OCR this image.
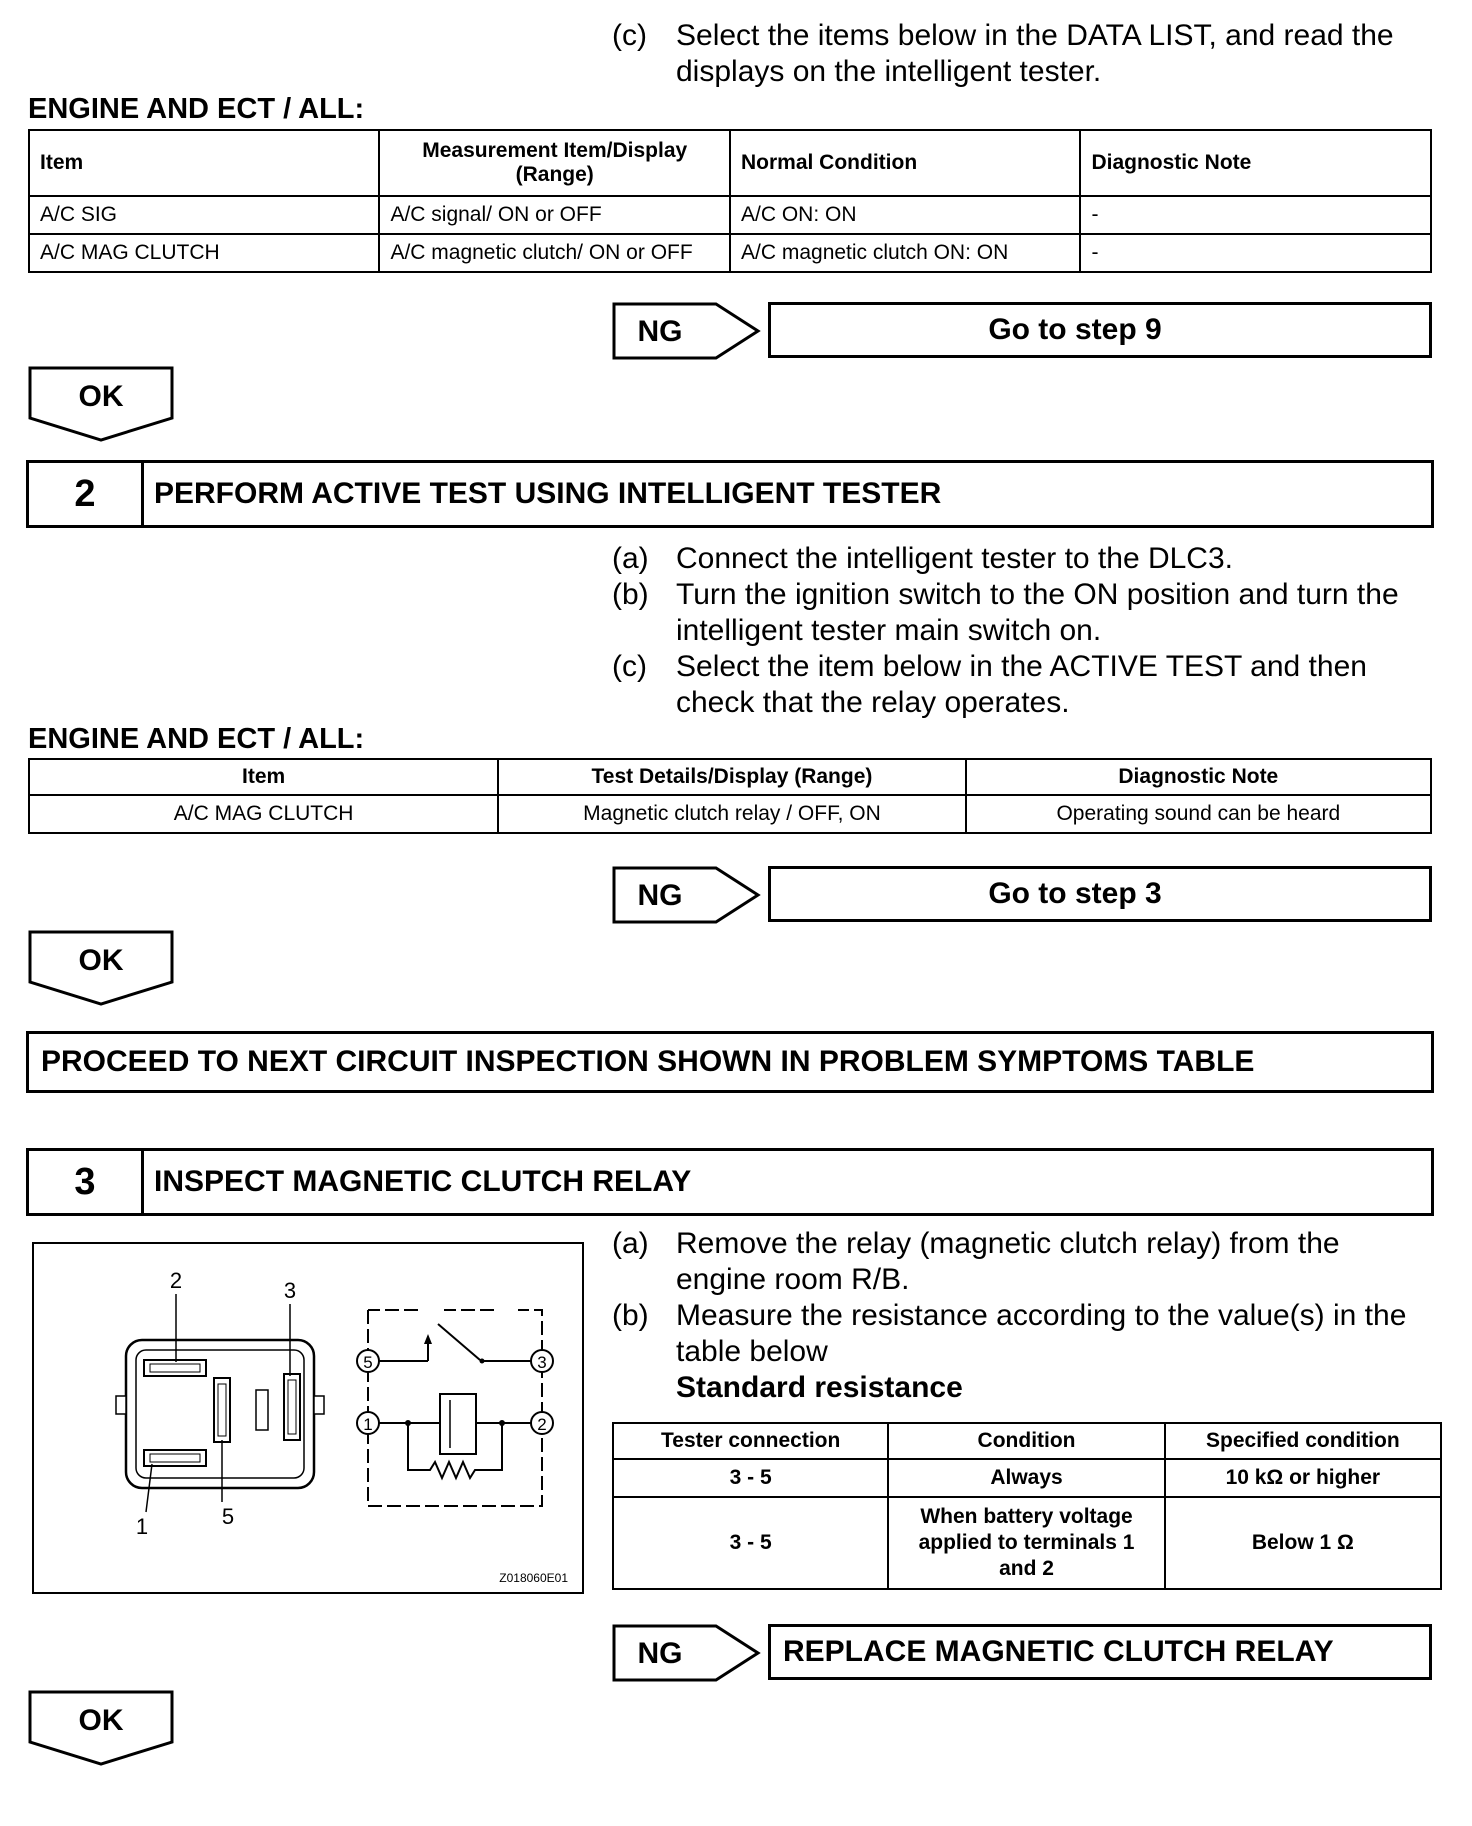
(c) Select the items below in the DATA LIST, and read the displays on the intelligent tester.
ENGINE AND ECT / ALL:
Item	Measurement Item/Display (Range)	Normal Condition	Diagnostic Note
A/C SIG	A/C signal/ ON or OFF	A/C ON: ON	-
A/C MAG CLUTCH	A/C magnetic clutch/ ON or OFF	A/C magnetic clutch ON: ON	-
NG	Go to step 9
OK
2	PERFORM ACTIVE TEST USING INTELLIGENT TESTER
(a) Connect the intelligent tester to the DLC3.
(b) Turn the ignition switch to the ON position and turn the intelligent tester main switch on.
(c) Select the item below in the ACTIVE TEST and then check that the relay operates.
ENGINE AND ECT / ALL:
Item	Test Details/Display (Range)	Diagnostic Note
A/C MAG CLUTCH	Magnetic clutch relay / OFF, ON	Operating sound can be heard
NG	Go to step 3
OK
PROCEED TO NEXT CIRCUIT INSPECTION SHOWN IN PROBLEM SYMPTOMS TABLE
3	INSPECT MAGNETIC CLUTCH RELAY
2	3
1	5
5	3
1	2
Z018060E01
(a) Remove the relay (magnetic clutch relay) from the engine room R/B.
(b) Measure the resistance according to the value(s) in the table below
Standard resistance
Tester connection	Condition	Specified condition
3 - 5	Always	10 kΩ or higher
3 - 5	When battery voltage applied to terminals 1 and 2	Below 1 Ω
NG	REPLACE MAGNETIC CLUTCH RELAY
OK
